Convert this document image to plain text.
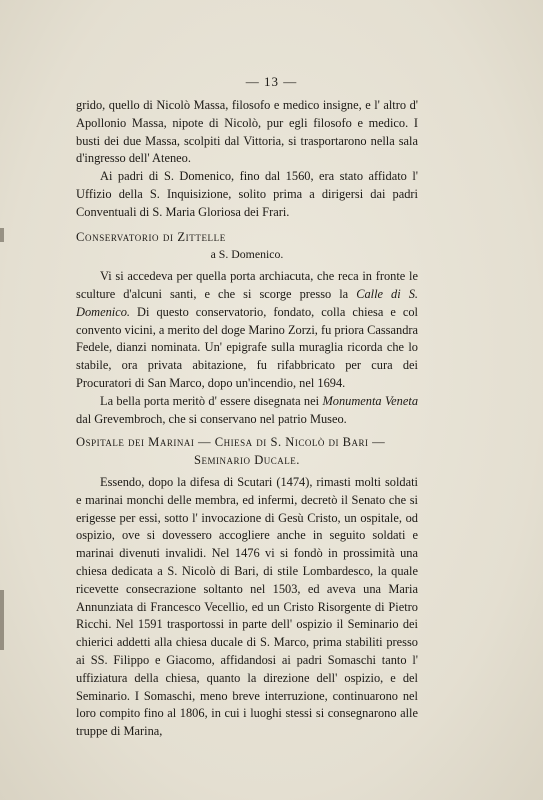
— 13 —

grido, quello di Nicolò Massa, filosofo e medico insigne, e l' altro d' Apollonio Massa, nipote di Nicolò, pur egli filosofo e medico. I busti dei due Massa, scolpiti dal Vittoria, si trasportarono nella sala d'ingresso dell' Ateneo.

Ai padri di S. Domenico, fino dal 1560, era stato affidato l' Uffizio della S. Inquisizione, solito prima a dirigersi dai padri Conventuali di S. Maria Gloriosa dei Frari.

Conservatorio di Zittelle

a S. Domenico.

Vi si accedeva per quella porta archiacuta, che reca in fronte le sculture d'alcuni santi, e che si scorge presso la Calle di S. Domenico. Di questo conservatorio, fondato, colla chiesa e col convento vicini, a merito del doge Marino Zorzi, fu priora Cassandra Fedele, dianzi nominata. Un' epigrafe sulla muraglia ricorda che lo stabile, ora privata abitazione, fu rifabbricato per cura dei Procuratori di San Marco, dopo un'incendio, nel 1694.

La bella porta meritò d' essere disegnata nei Monumenta Veneta dal Grevembroch, che si conservano nel patrio Museo.

Ospitale dei Marinai — Chiesa di S. Nicolò di Bari —

Seminario Ducale.

Essendo, dopo la difesa di Scutari (1474), rimasti molti soldati e marinai monchi delle membra, ed infermi, decretò il Senato che si erigesse per essi, sotto l' invocazione di Gesù Cristo, un ospitale, od ospizio, ove si dovessero accogliere anche in seguito soldati e marinai divenuti invalidi. Nel 1476 vi si fondò in prossimità una chiesa dedicata a S. Nicolò di Bari, di stile Lombardesco, la quale ricevette consecrazione soltanto nel 1503, ed aveva una Maria Annunziata di Francesco Vecellio, ed un Cristo Risorgente di Pietro Ricchi. Nel 1591 trasportossi in parte dell' ospizio il Seminario dei chierici addetti alla chiesa ducale di S. Marco, prima stabiliti presso ai SS. Filippo e Giacomo, affidandosi ai padri Somaschi tanto l' uffiziatura della chiesa, quanto la direzione dell' ospizio, e del Seminario. I Somaschi, meno breve interruzione, continuarono nel loro compito fino al 1806, in cui i luoghi stessi si consegnarono alle truppe di Marina,
